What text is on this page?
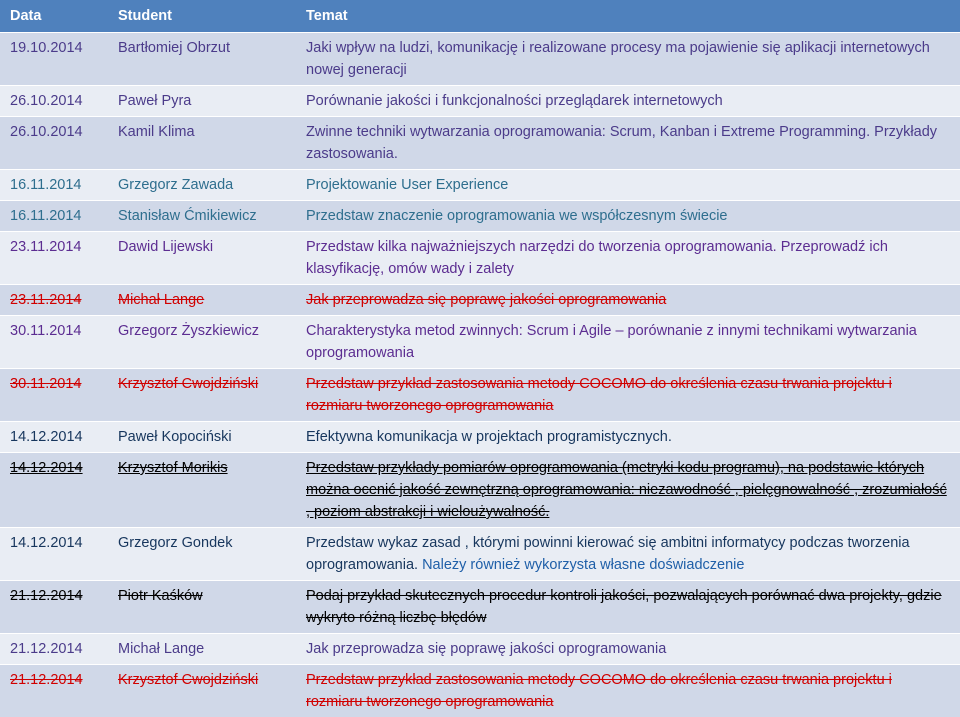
Data	Student	Temat
19.10.2014	Bartłomiej Obrzut	Jaki wpływ na ludzi, komunikację i realizowane procesy ma pojawienie się aplikacji internetowych nowej generacji
26.10.2014	Paweł Pyra	Porównanie jakości i funkcjonalności przeglądarek internetowych
26.10.2014	Kamil Klima	Zwinne techniki wytwarzania oprogramowania: Scrum, Kanban i Extreme Programming. Przykłady zastosowania.
16.11.2014	Grzegorz Zawada	Projektowanie User Experience
16.11.2014	Stanisław Ćmikiewicz	Przedstaw znaczenie oprogramowania we współczesnym świecie
23.11.2014	Dawid Lijewski	Przedstaw kilka najważniejszych narzędzi do tworzenia oprogramowania. Przeprowadź ich klasyfikację, omów wady i zalety
23.11.2014	Michał Lange	Jak przeprowadza się poprawę jakości oprogramowania
30.11.2014	Grzegorz Żyszkiewicz	Charakterystyka metod zwinnych: Scrum i Agile – porównanie z innymi technikami wytwarzania oprogramowania
30.11.2014	Krzysztof Cwojdziński	Przedstaw przykład zastosowania metody COCOMO do określenia czasu trwania projektu i rozmiaru tworzonego oprogramowania
14.12.2014	Paweł Kopociński	Efektywna komunikacja w projektach programistycznych.
14.12.2014	Krzysztof Morikis	Przedstaw przykłady pomiarów oprogramowania (metryki kodu programu), na podstawie których można ocenić jakość zewnętrzną oprogramowania: niezawodność , pielęgnowalność , zrozumiałość , poziom abstrakcji i wieloużywalność.
14.12.2014	Grzegorz Gondek	Przedstaw wykaz zasad , którymi powinni kierować się ambitni informatycy podczas tworzenia oprogramowania. Należy również wykorzysta własne doświadczenie
21.12.2014	Piotr Kaśków	Podaj przykład skutecznych procedur kontroli jakości, pozwalających porównać dwa projekty, gdzie wykryto różną liczbę błędów
21.12.2014	Michał Lange	Jak przeprowadza się poprawę jakości oprogramowania
21.12.2014	Krzysztof Cwojdziński	Przedstaw przykład zastosowania metody COCOMO do określenia czasu trwania projektu i rozmiaru tworzonego oprogramowania
